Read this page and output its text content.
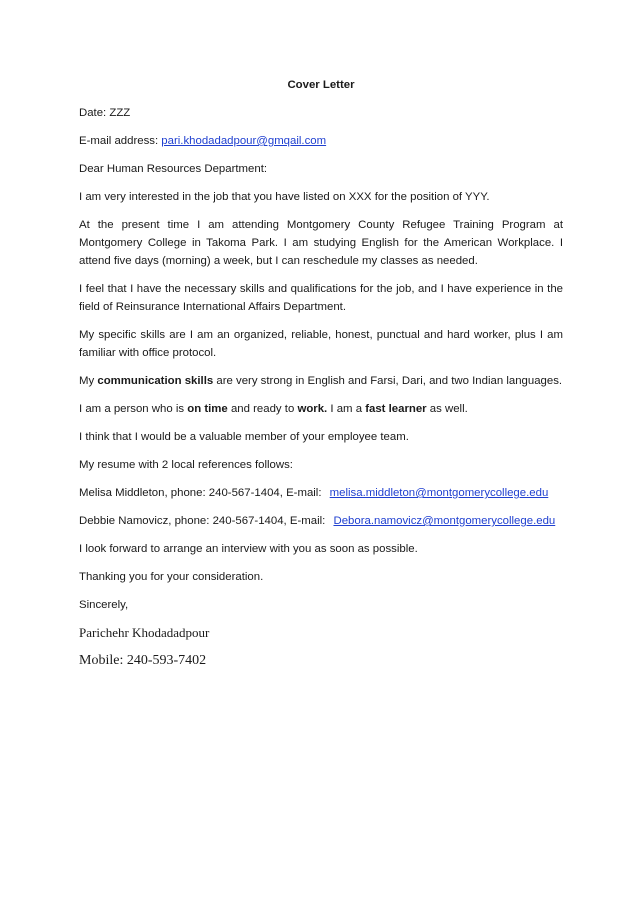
Cover Letter

Date: ZZZ

E-mail address: pari.khodadadpour@gmqail.com

Dear Human Resources Department:

I am very interested in the job that you have listed on XXX for the position of YYY.

At the present time I am attending Montgomery County Refugee Training Program at Montgomery College in Takoma Park. I am studying English for the American Workplace. I attend five days (morning) a week, but I can reschedule my classes as needed.

I feel that I have the necessary skills and qualifications for the job, and I have experience in the field of Reinsurance International Affairs Department.

My specific skills are I am an organized, reliable, honest, punctual and hard worker, plus I am familiar with office protocol.

My communication skills are very strong in English and Farsi, Dari, and two Indian languages.

I am a person who is on time and ready to work. I am a fast learner as well.

I think that I would be a valuable member of your employee team.

My resume with 2 local references follows:

Melisa Middleton, phone: 240-567-1404, E-mail: melisa.middleton@montgomerycollege.edu

Debbie Namovicz, phone: 240-567-1404, E-mail: Debora.namovicz@montgomerycollege.edu

I look forward to arrange an interview with you as soon as possible.

Thanking you for your consideration.

Sincerely,

Parichehr Khodadadpour

Mobile: 240-593-7402
